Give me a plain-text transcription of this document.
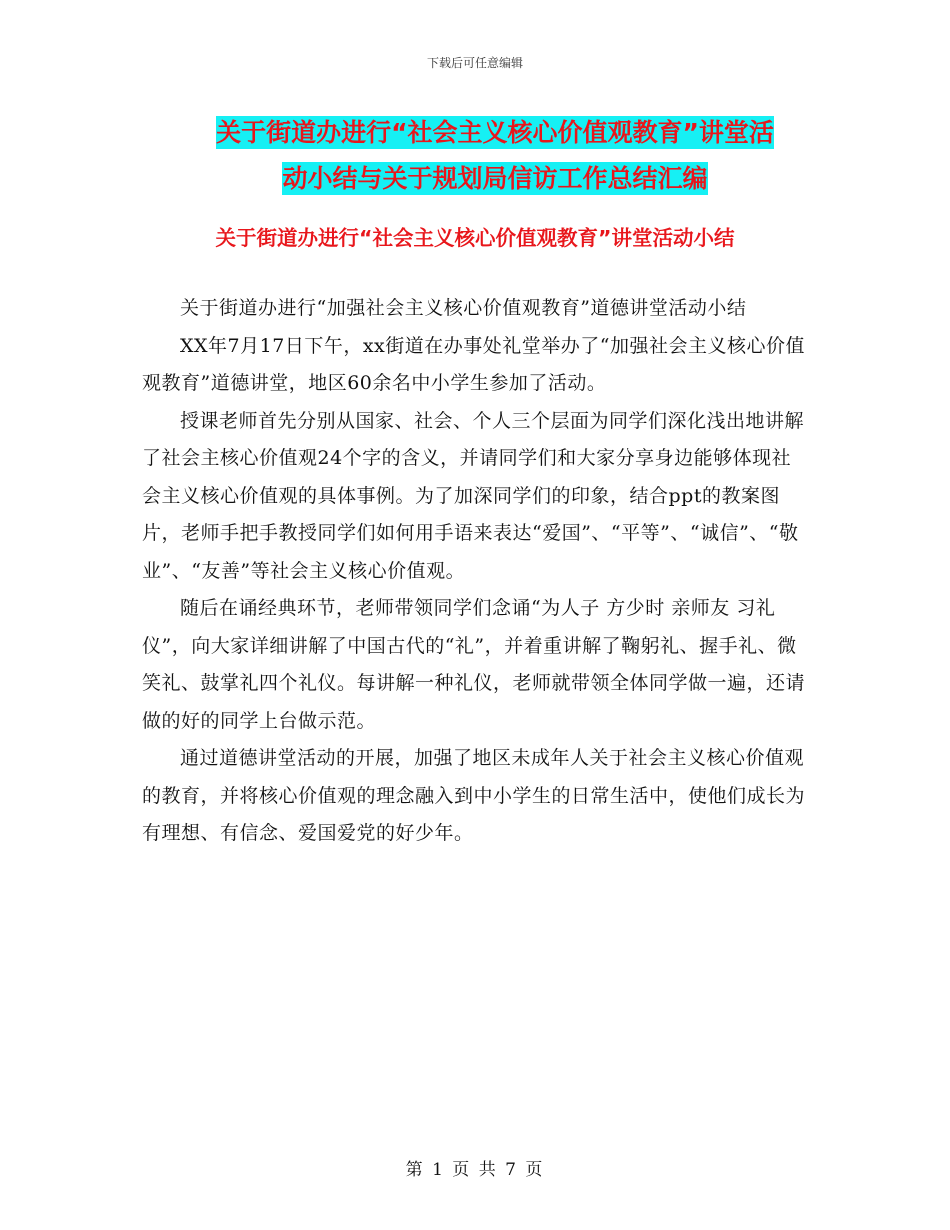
下载后可任意编辑
关于街道办进行“社会主义核心价值观教育”讲堂活
动小结与关于规划局信访工作总结汇编
关于街道办进行“社会主义核心价值观教育”讲堂活动小结

关于街道办进行“加强社会主义核心价值观教育”道德讲堂活动小结

XX年7月17日下午，xx街道在办事处礼堂举办了“加强社会主义核心价值观教育”道德讲堂，地区60余名中小学生参加了活动。

授课老师首先分别从国家、社会、个人三个层面为同学们深化浅出地讲解了社会主核心价值观24个字的含义，并请同学们和大家分享身边能够体现社会主义核心价值观的具体事例。为了加深同学们的印象，结合ppt的教案图片，老师手把手教授同学们如何用手语来表达“爱国”、“平等”、“诚信”、“敬业”、“友善”等社会主义核心价值观。

随后在诵经典环节，老师带领同学们念诵“为人子 方少时 亲师友 习礼仪”，向大家详细讲解了中国古代的“礼”，并着重讲解了鞠躬礼、握手礼、微笑礼、鼓掌礼四个礼仪。每讲解一种礼仪，老师就带领全体同学做一遍，还请做的好的同学上台做示范。

通过道德讲堂活动的开展，加强了地区未成年人关于社会主义核心价值观的教育，并将核心价值观的理念融入到中小学生的日常生活中，使他们成长为有理想、有信念、爱国爱党的好少年。

第 1 页 共 7 页
